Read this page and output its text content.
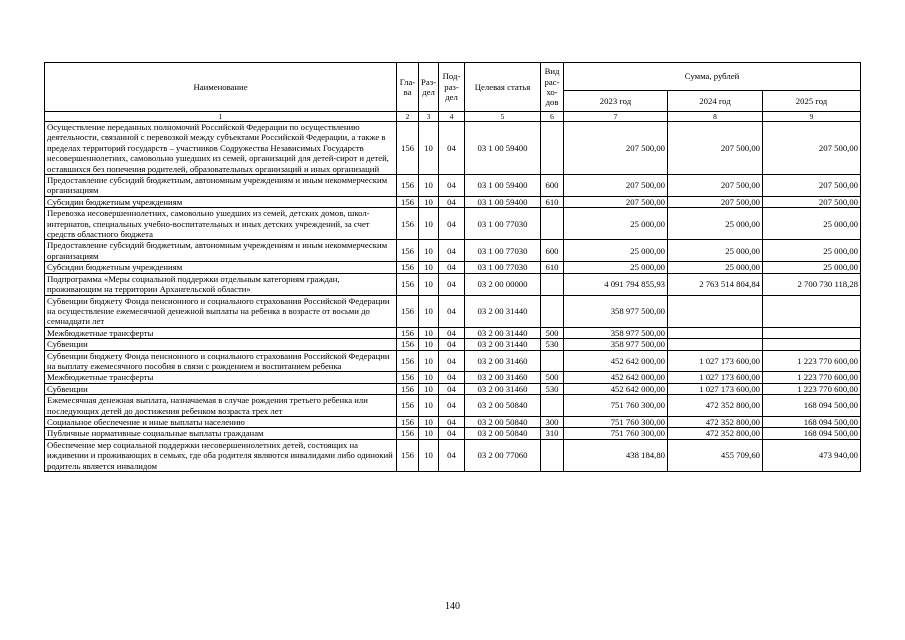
Наименование	Гла-ва	Раз-дел	Под-раз-дел	Целевая статья	Вид рас-хо-дов	Сумма, рублей		
						2023 год	2024 год	2025 год
1	2	3	4	5	6	7	8	9
Осуществление переданных полномочий Российской Федерации по осуществлению деятельности, связанной с перевозкой между субъектами Российской Федерации, а также в пределах территорий государств – участников Содружества Независимых Государств несовершеннолетних, самовольно ушедших из семей, организаций для детей-сирот и детей, оставшихся без попечения родителей, образовательных организаций и иных организаций	156	10	04	03 1 00 59400		207 500,00	207 500,00	207 500,00
Предоставление субсидий бюджетным, автономным учреждениям и иным некоммерческим организациям	156	10	04	03 1 00 59400	600	207 500,00	207 500,00	207 500,00
Субсидии бюджетным учреждениям	156	10	04	03 1 00 59400	610	207 500,00	207 500,00	207 500,00
Перевозка несовершеннолетних, самовольно ушедших из семей, детских домов, школ-интернатов, специальных учебно-воспитательных и иных детских учреждений, за счет средств областного бюджета	156	10	04	03 1 00 77030		25 000,00	25 000,00	25 000,00
Предоставление субсидий бюджетным, автономным учреждениям и иным некоммерческим организациям	156	10	04	03 1 00 77030	600	25 000,00	25 000,00	25 000,00
Субсидии бюджетным учреждениям	156	10	04	03 1 00 77030	610	25 000,00	25 000,00	25 000,00
Подпрограмма «Меры социальной поддержки отдельным категориям граждан, проживающим на территории Архангельской области»	156	10	04	03 2 00 00000		4 091 794 855,93	2 763 514 804,84	2 700 730 118,28
Субвенции бюджету Фонда пенсионного и социального страхования Российской Федерации на осуществление ежемесячной денежной выплаты на ребенка в возрасте от восьми до семнадцати лет	156	10	04	03 2 00 31440		358 977 500,00		
Межбюджетные трансферты	156	10	04	03 2 00 31440	500	358 977 500,00		
Субвенции	156	10	04	03 2 00 31440	530	358 977 500,00		
Субвенции бюджету Фонда пенсионного и социального страхования Российской Федерации на выплату ежемесячного пособия в связи с рождением и воспитанием ребенка	156	10	04	03 2 00 31460		452 642 000,00	1 027 173 600,00	1 223 770 600,00
Межбюджетные трансферты	156	10	04	03 2 00 31460	500	452 642 000,00	1 027 173 600,00	1 223 770 600,00
Субвенции	156	10	04	03 2 00 31460	530	452 642 000,00	1 027 173 600,00	1 223 770 600,00
Ежемесячная денежная выплата, назначаемая в случае рождения третьего ребенка или последующих детей до достижения ребенком возраста трех лет	156	10	04	03 2 00 50840		751 760 300,00	472 352 800,00	168 094 500,00
Социальное обеспечение и иные выплаты населению	156	10	04	03 2 00 50840	300	751 760 300,00	472 352 800,00	168 094 500,00
Публичные нормативные социальные выплаты гражданам	156	10	04	03 2 00 50840	310	751 760 300,00	472 352 800,00	168 094 500,00
Обеспечение мер социальной поддержки несовершеннолетних детей, состоящих на иждивении и проживающих в семьях, где оба родителя являются инвалидами либо одинокий родитель является инвалидом	156	10	04	03 2 00 77060		438 184,80	455 709,60	473 940,00
140
